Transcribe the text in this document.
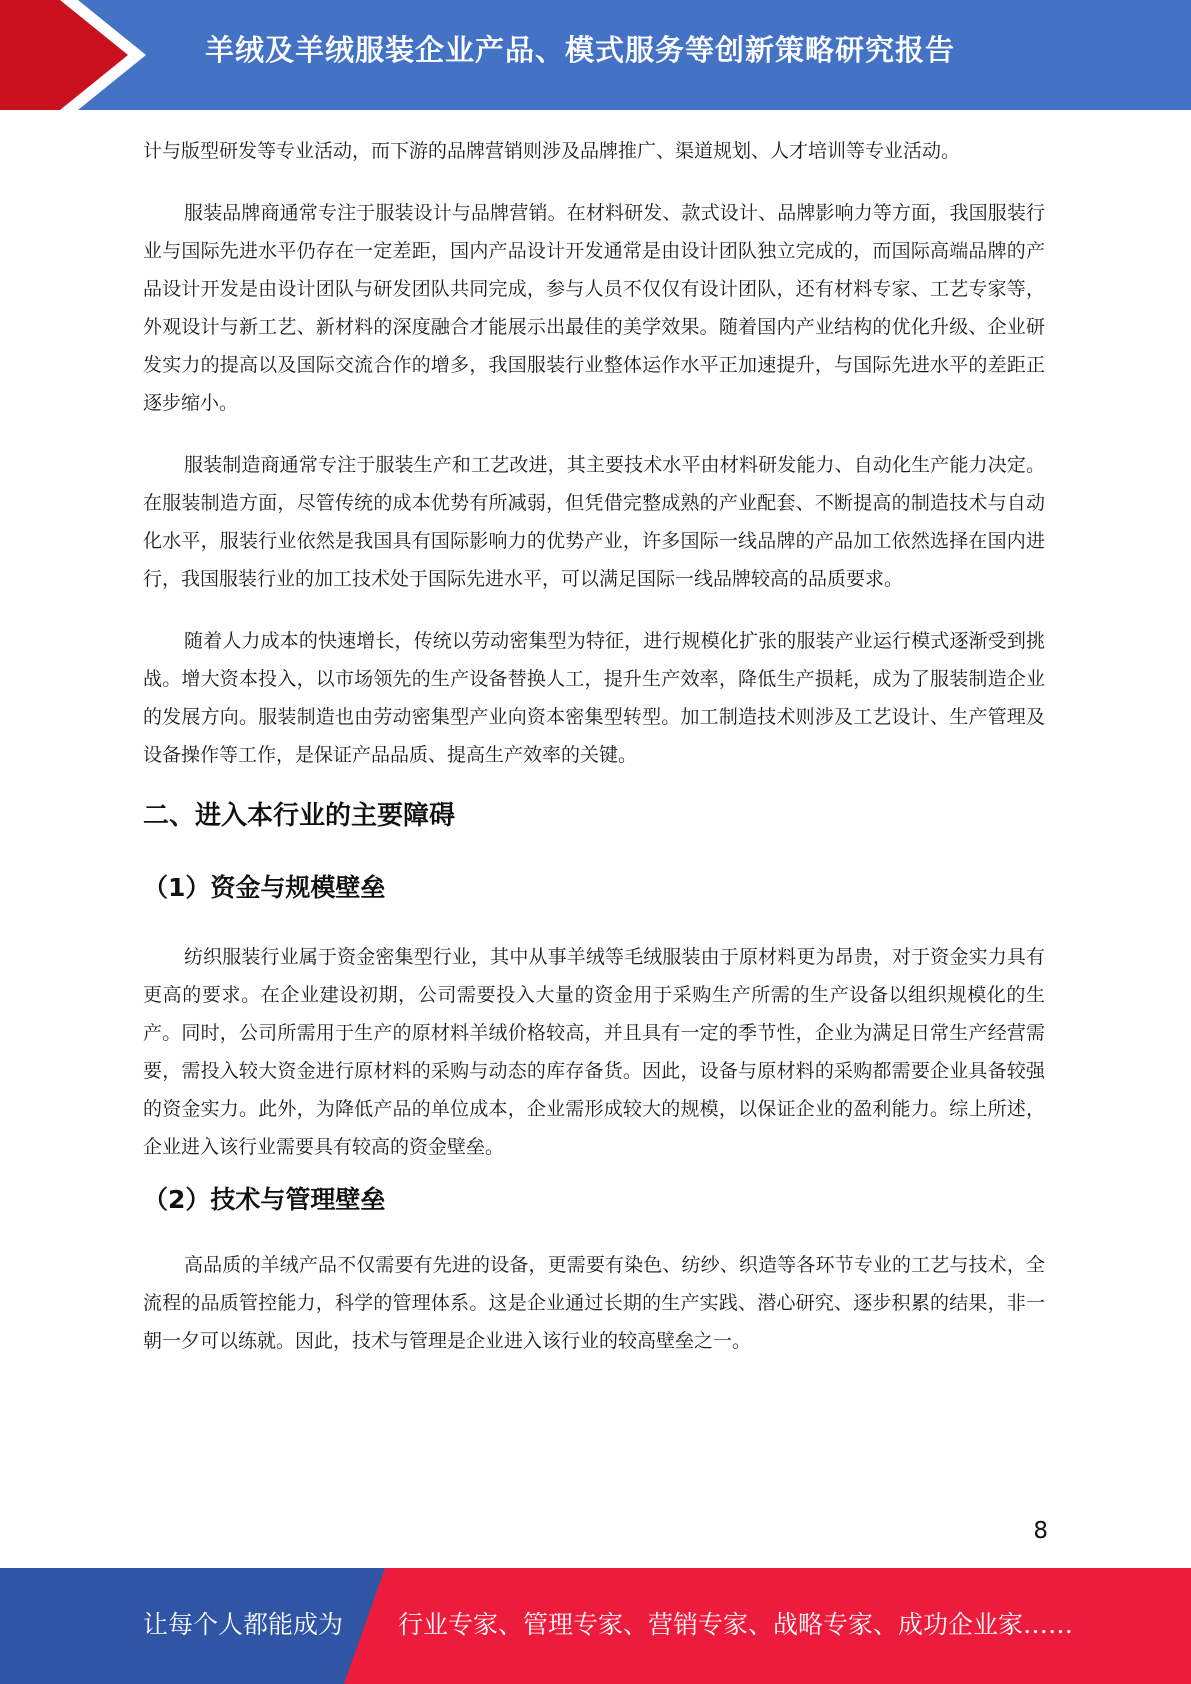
羊绒及羊绒服装企业产品、模式服务等创新策略研究报告

计与版型研发等专业活动，而下游的品牌营销则涉及品牌推广、渠道规划、人才培训等专业活动。

服装品牌商通常专注于服装设计与品牌营销。在材料研发、款式设计、品牌影响力等方面，我国服装行业与国际先进水平仍存在一定差距，国内产品设计开发通常是由设计团队独立完成的，而国际高端品牌的产品设计开发是由设计团队与研发团队共同完成，参与人员不仅仅有设计团队，还有材料专家、工艺专家等，外观设计与新工艺、新材料的深度融合才能展示出最佳的美学效果。随着国内产业结构的优化升级、企业研发实力的提高以及国际交流合作的增多，我国服装行业整体运作水平正加速提升，与国际先进水平的差距正逐步缩小。

服装制造商通常专注于服装生产和工艺改进，其主要技术水平由材料研发能力、自动化生产能力决定。在服装制造方面，尽管传统的成本优势有所减弱，但凭借完整成熟的产业配套、不断提高的制造技术与自动化水平，服装行业依然是我国具有国际影响力的优势产业，许多国际一线品牌的产品加工依然选择在国内进行，我国服装行业的加工技术处于国际先进水平，可以满足国际一线品牌较高的品质要求。

随着人力成本的快速增长，传统以劳动密集型为特征，进行规模化扩张的服装产业运行模式逐渐受到挑战。增大资本投入，以市场领先的生产设备替换人工，提升生产效率，降低生产损耗，成为了服装制造企业的发展方向。服装制造也由劳动密集型产业向资本密集型转型。加工制造技术则涉及工艺设计、生产管理及设备操作等工作，是保证产品品质、提高生产效率的关键。

二、进入本行业的主要障碍
（1）资金与规模壁垒

纺织服装行业属于资金密集型行业，其中从事羊绒等毛绒服装由于原材料更为昂贵，对于资金实力具有更高的要求。在企业建设初期，公司需要投入大量的资金用于采购生产所需的生产设备以组织规模化的生产。同时，公司所需用于生产的原材料羊绒价格较高，并且具有一定的季节性，企业为满足日常生产经营需要，需投入较大资金进行原材料的采购与动态的库存备货。因此，设备与原材料的采购都需要企业具备较强的资金实力。此外，为降低产品的单位成本，企业需形成较大的规模，以保证企业的盈利能力。综上所述，企业进入该行业需要具有较高的资金壁垒。

（2）技术与管理壁垒

高品质的羊绒产品不仅需要有先进的设备，更需要有染色、纺纱、织造等各环节专业的工艺与技术，全流程的品质管控能力，科学的管理体系。这是企业通过长期的生产实践、潜心研究、逐步积累的结果，非一朝一夕可以练就。因此，技术与管理是企业进入该行业的较高壁垒之一。

8
让每个人都能成为 行业专家、管理专家、营销专家、战略专家、成功企业家……
